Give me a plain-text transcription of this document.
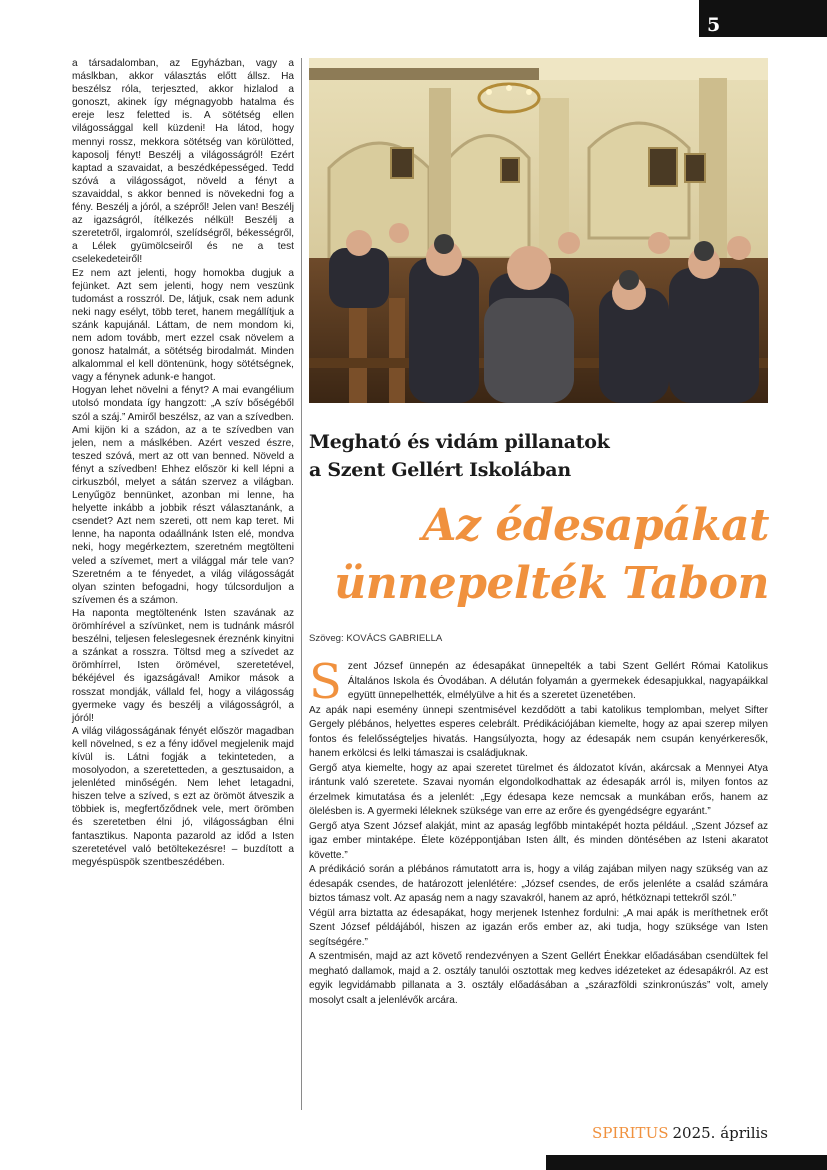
5

a társadalomban, az Egyházban, vagy a máslkban, akkor választás előtt állsz. Ha beszélsz róla, terjeszted, akkor hizlalod a gonoszt, akinek így mégnagyobb hatalma és ereje lesz feletted is. A sötétség ellen világossággal kell küzdeni! Ha látod, hogy mennyi rossz, mekkora sötétség van körülötted, kaposolj fényt! Beszélj a világosságról! Ezért kaptad a szavaidat, a beszédképességed. Tedd szóvá a világosságot, növeld a fényt a szavaiddal, s akkor benned is növekedni fog a fény. Beszélj a jóról, a szépről! Jelen van! Beszélj az igazságról, ítélkezés nélkül! Beszélj a szeretetről, irgalomról, szelídségről, békességről, a Lélek gyümölcseiről és ne a test cselekedeteiről!

Ez nem azt jelenti, hogy homokba dugjuk a fejünket. Azt sem jelenti, hogy nem veszünk tudomást a rosszról. De, látjuk, csak nem adunk neki nagy esélyt, több teret, hanem megállítjuk a szánk kapujánál. Láttam, de nem mondom ki, nem adom tovább, mert ezzel csak növelem a gonosz hatalmát, a sötétség birodalmát. Minden alkalommal el kell döntenünk, hogy sötétségnek, vagy a fénynek adunk-e hangot.

Hogyan lehet növelni a fényt? A mai evangélium utolsó mondata így hangzott: „A szív bőségéből szól a száj.” Amiről beszélsz, az van a szívedben. Ami kijön ki a szádon, az a te szívedben van jelen, nem a máslkében. Azért veszed észre, teszed szóvá, mert az ott van benned. Növeld a fényt a szívedben! Ehhez először ki kell lépni a cirkuszból, melyet a sátán szervez a világban. Lenyűgöz bennünket, azonban mi lenne, ha helyette inkább a jobbik részt választanánk, a csendet? Azt nem szereti, ott nem kap teret. Mi lenne, ha naponta odaállnánk Isten elé, mondva neki, hogy megérkeztem, szeretném megtölteni veled a szívemet, mert a világgal már tele van? Szeretném a te fényedet, a világ világosságát olyan szinten befogadni, hogy túlcsorduljon a szívemen és a számon.

Ha naponta megtöltenénk Isten szavának az örömhírével a szívünket, nem is tudnánk másról beszélni, teljesen feleslegesnek éreznénk kinyitni a szánkat a rosszra. Töltsd meg a szívedet az örömhírrel, Isten örömével, szeretetével, békéjével és igazságával! Amikor mások a rosszat mondják, vállald fel, hogy a világosság gyermeke vagy és beszélj a világosságról, a jóról!

A világ világosságának fényét először magadban kell növelned, s ez a fény idővel megjelenik majd kívül is. Látni fogják a tekinteteden, a mosolyodon, a szeretetteden, a gesztusaidon, a jelenléted minőségén. Nem lehet letagadni, hiszen telve a szíved, s ezt az örömöt átveszik a többiek is, megfertőződnek vele, mert örömben és szeretetben élni jó, világosságban élni fantasztikus. Naponta pazarold az időd a Isten szeretetével való betöltekezésre! – buzdított a megyéspüspök szentbeszédében.

Megható és vidám pillanatok
a Szent Gellért Iskolában
Az édesapákat
ünnepelték Tabon
Szöveg: KOVÁCS GABRIELLA

Szent József ünnepén az édesapákat ünnepelték a tabi Szent Gellért Római Katolikus Általános Iskola és Óvodában. A délután folyamán a gyermekek édesapjukkal, nagyapáikkal együtt ünnepelhették, elmélyülve a hit és a szeretet üzenetében.

Az apák napi esemény ünnepi szentmisével kezdődött a tabi katolikus templomban, melyet Sifter Gergely plébános, helyettes esperes celebrált. Prédikációjában kiemelte, hogy az apai szerep milyen fontos és felelősségteljes hivatás. Hangsúlyozta, hogy az édesapák nem csupán kenyérkeresők, hanem erkölcsi és lelki támaszai is családjuknak.

Gergő atya kiemelte, hogy az apai szeretet türelmet és áldozatot kíván, akárcsak a Mennyei Atya irántunk való szeretete. Szavai nyomán elgondolkodhattak az édesapák arról is, milyen fontos az érzelmek kimutatása és a jelenlét: „Egy édesapa keze nemcsak a munkában erős, hanem az ölelésben is. A gyermeki léleknek szüksége van erre az erőre és gyengédségre egyaránt.”

Gergő atya Szent József alakját, mint az apaság legfőbb mintaképét hozta például. „Szent József az igaz ember mintaképe. Élete középpontjában Isten állt, és minden döntésében az Isteni akaratot követte.”

A prédikáció során a plébános rámutatott arra is, hogy a világ zajában milyen nagy szükség van az édesapák csendes, de határozott jelenlétére: „József csendes, de erős jelenléte a család számára biztos támasz volt. Az apaság nem a nagy szavakról, hanem az apró, hétköznapi tettekről szól.”

Végül arra biztatta az édesapákat, hogy merjenek Istenhez fordulni: „A mai apák is meríthetnek erőt Szent József példájából, hiszen az igazán erős ember az, aki tudja, hogy szüksége van Isten segítségére.”

A szentmisén, majd az azt követő rendezvényen a Szent Gellért Énekkar előadásában csendültek fel megható dallamok, majd a 2. osztály tanulói osztottak meg kedves idézeteket az édesapákról. Az est egyik legvidámabb pillanata a 3. osztály előadásában a „szárazföldi szinkronúszás” volt, amely mosolyt csalt a jelenlévők arcára.

SPIRITUS 2025. április
